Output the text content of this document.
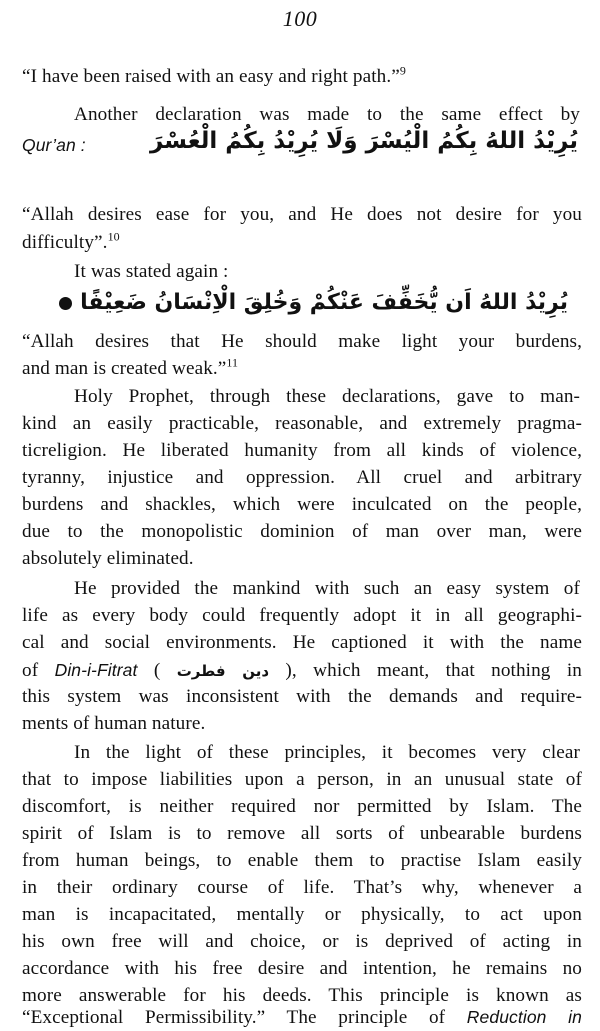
100
“I have been raised with an easy and right path.”$^9$
Another declaration was made to the same effect by
Qur’an :	يُرِيْدُ اللهُ بِكُمُ الْيُسْرَ وَلَا يُرِيْدُ بِكُمُ الْعُسْرَ
“Allah desires ease for you, and He does not desire for you
difficulty”.$^{10}$
It was stated again :
يُرِيْدُ اللهُ اَن يُّخَفِّفَ عَنْكُمْ وَخُلِقَ الْاِنْسَانُ ضَعِيْفًا
“Allah desires that He should make light your burdens,
and man is created weak.”$^{11}$
Holy Prophet, through these declarations, gave to man-
kind an easily practicable, reasonable, and extremely pragma-
ticreligion. He liberated humanity from all kinds of violence,
tyranny, injustice and oppression. All cruel and arbitrary
burdens and shackles, which were inculcated on the people,
due to the monopolistic dominion of man over man, were
absolutely eliminated.
He provided the mankind with such an easy system of
life as every body could frequently adopt it in all geographi-
cal and social environments. He captioned it with the name
of Din-i-Fitrat ( دين فطرت ), which meant, that nothing in
this system was inconsistent with the demands and require-
ments of human nature.
In the light of these principles, it becomes very clear
that to impose liabilities upon a person, in an unusual state of
discomfort, is neither required nor permitted by Islam. The
spirit of Islam is to remove all sorts of unbearable burdens
from human beings, to enable them to practise Islam easily
in their ordinary course of life. That’s why, whenever a
man is incapacitated, mentally or physically, to act upon
his own free will and choice, or is deprived of acting in
accordance with his free desire and intention, he remains no
more answerable for his deeds. This principle is known as
“Exceptional Permissibility.” The principle of Reduction in
